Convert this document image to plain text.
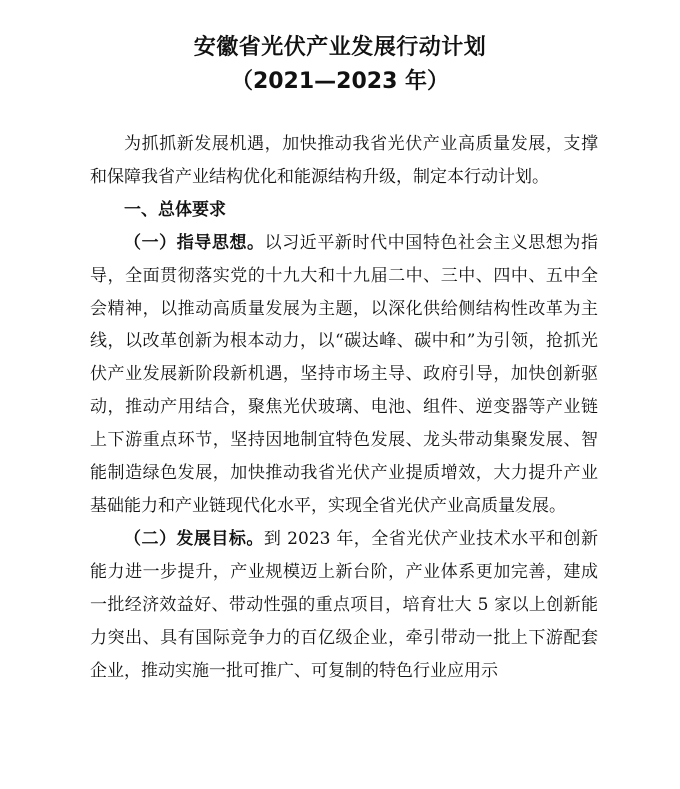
安徽省光伏产业发展行动计划
（2021—2023 年）

为抓抓新发展机遇，加快推动我省光伏产业高质量发展，支撑和保障我省产业结构优化和能源结构升级，制定本行动计划。

一、总体要求

（一）指导思想。以习近平新时代中国特色社会主义思想为指导，全面贯彻落实党的十九大和十九届二中、三中、四中、五中全会精神，以推动高质量发展为主题，以深化供给侧结构性改革为主线，以改革创新为根本动力，以“碳达峰、碳中和”为引领，抢抓光伏产业发展新阶段新机遇，坚持市场主导、政府引导，加快创新驱动，推动产用结合，聚焦光伏玻璃、电池、组件、逆变器等产业链上下游重点环节，坚持因地制宜特色发展、龙头带动集聚发展、智能制造绿色发展，加快推动我省光伏产业提质增效，大力提升产业基础能力和产业链现代化水平，实现全省光伏产业高质量发展。

（二）发展目标。到 2023 年，全省光伏产业技术水平和创新能力进一步提升，产业规模迈上新台阶，产业体系更加完善，建成一批经济效益好、带动性强的重点项目，培育壮大 5 家以上创新能力突出、具有国际竞争力的百亿级企业，牵引带动一批上下游配套企业，推动实施一批可推广、可复制的特色行业应用示
